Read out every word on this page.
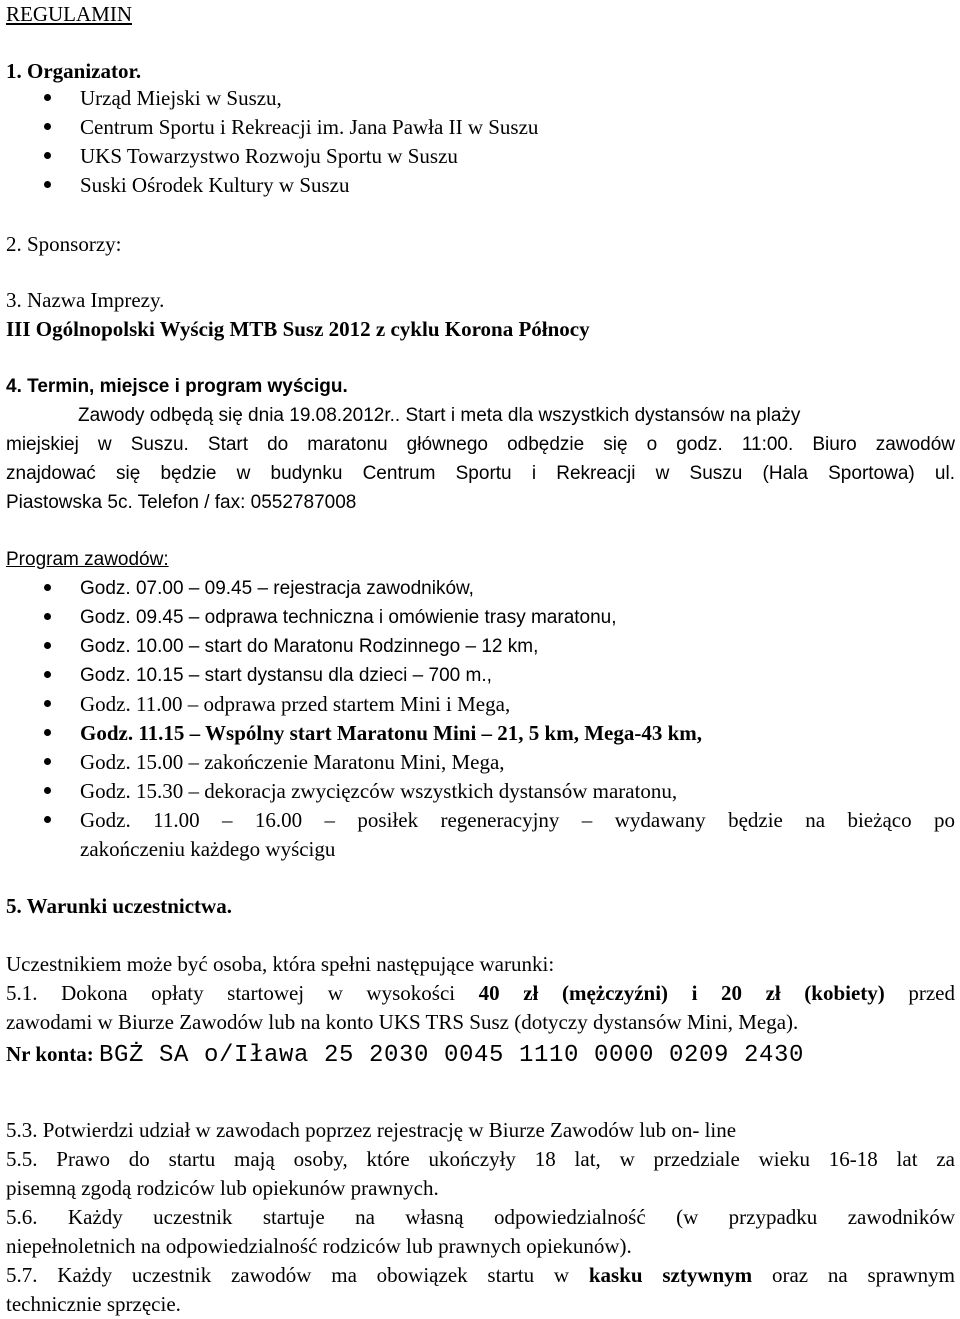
REGULAMIN
1. Organizator.
Urząd Miejski w Suszu,
Centrum Sportu i Rekreacji im. Jana Pawła II w Suszu
UKS Towarzystwo Rozwoju Sportu w Suszu
Suski Ośrodek Kultury w Suszu
2. Sponsorzy:
3. Nazwa Imprezy.
III Ogólnopolski Wyścig MTB Susz 2012 z cyklu Korona Północy
4. Termin, miejsce i program wyścigu.
Zawody odbędą się dnia 19.08.2012r.. Start i meta dla wszystkich dystansów na plaży
miejskiej w Suszu. Start do maratonu głównego odbędzie się o godz. 11:00. Biuro zawodów
znajdować się będzie w budynku Centrum Sportu i Rekreacji w Suszu (Hala Sportowa) ul.
Piastowska 5c. Telefon / fax: 0552787008
Program zawodów:
Godz. 07.00 – 09.45 – rejestracja zawodników,
Godz. 09.45 – odprawa techniczna i omówienie trasy maratonu,
Godz. 10.00 – start do Maratonu Rodzinnego – 12 km,
Godz. 10.15 – start dystansu dla dzieci – 700 m.,
Godz. 11.00 – odprawa przed startem Mini i Mega,
Godz. 11.15 – Wspólny start Maratonu Mini – 21, 5 km, Mega-43 km,
Godz. 15.00 – zakończenie Maratonu Mini, Mega,
Godz. 15.30 – dekoracja zwycięzców wszystkich dystansów maratonu,
Godz. 11.00 – 16.00 – posiłek regeneracyjny – wydawany będzie na bieżąco po
zakończeniu każdego wyścigu
5. Warunki uczestnictwa.
Uczestnikiem może być osoba, która spełni następujące warunki:
5.1. Dokona opłaty startowej w wysokości 40 zł (mężczyźni) i 20 zł (kobiety) przed
zawodami w Biurze Zawodów lub na konto UKS TRS Susz (dotyczy dystansów Mini, Mega).
Nr konta: BGŻ SA o/Iława 25 2030 0045 1110 0000 0209 2430
5.3. Potwierdzi udział w zawodach poprzez rejestrację w Biurze Zawodów lub on- line
5.5. Prawo do startu mają osoby, które ukończyły 18 lat, w przedziale wieku 16-18 lat za
pisemną zgodą rodziców lub opiekunów prawnych.
5.6. Każdy uczestnik startuje na własną odpowiedzialność (w przypadku zawodników
niepełnoletnich na odpowiedzialność rodziców lub prawnych opiekunów).
5.7. Każdy uczestnik zawodów ma obowiązek startu w kasku sztywnym oraz na sprawnym
technicznie sprzęcie.
